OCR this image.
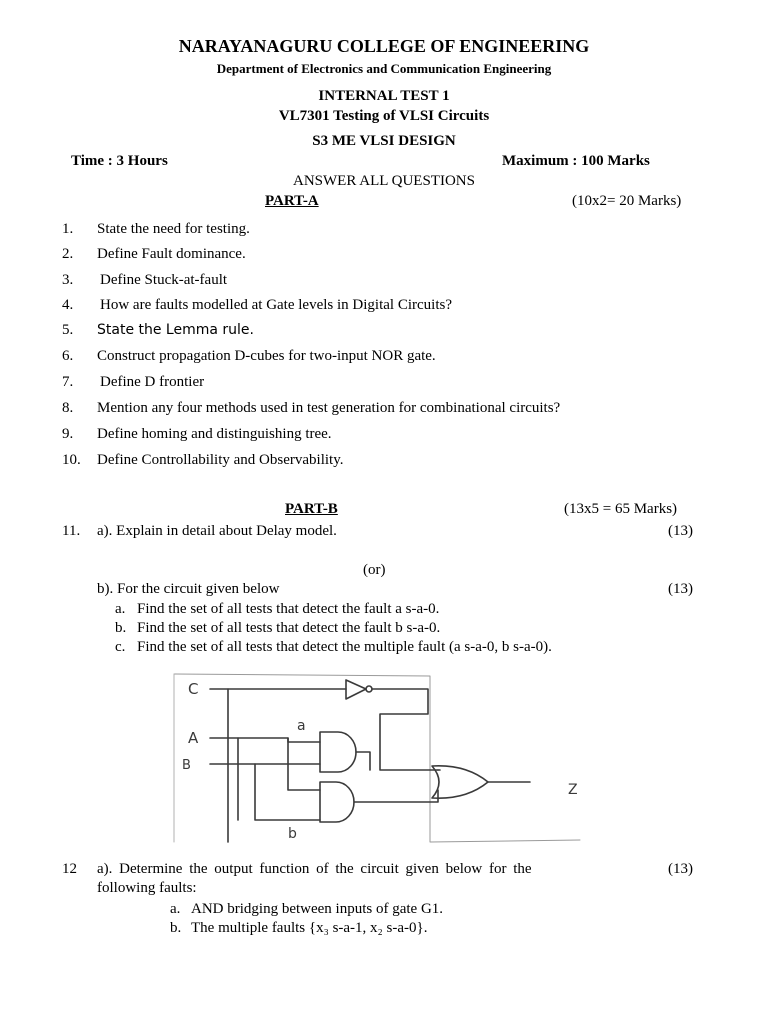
NARAYANAGURU COLLEGE OF ENGINEERING
Department of Electronics and Communication Engineering
INTERNAL TEST 1
VL7301 Testing of VLSI Circuits
S3 ME VLSI DESIGN
Time : 3 Hours	Maximum : 100 Marks
ANSWER ALL QUESTIONS
PART-A	(10x2= 20 Marks)
1.	State the need for testing.
2.	Define Fault dominance.
3.	Define Stuck-at-fault
4.	How are faults modelled at Gate levels in Digital Circuits?
5.	State the Lemma rule.
6.	Construct propagation D-cubes for two-input NOR gate.
7.	Define D frontier
8.	Mention any four methods used in test generation for combinational circuits?
9.	Define homing and distinguishing tree.
10.	Define Controllability and Observability.
PART-B	(13x5 = 65 Marks)
11. a). Explain in detail about Delay model.	(13)
(or)
b). For the circuit given below	(13)
a. Find the set of all tests that detect the fault a s-a-0.
b. Find the set of all tests that detect the fault b s-a-0.
c. Find the set of all tests that detect the multiple fault (a s-a-0, b s-a-0).
C
A
B
a
b
Z
12 a). Determine the output function of the circuit given below for the	(13)
following faults:
a. AND bridging between inputs of gate G1.
b. The multiple faults {x₃ s-a-1, x₂ s-a-0}.
